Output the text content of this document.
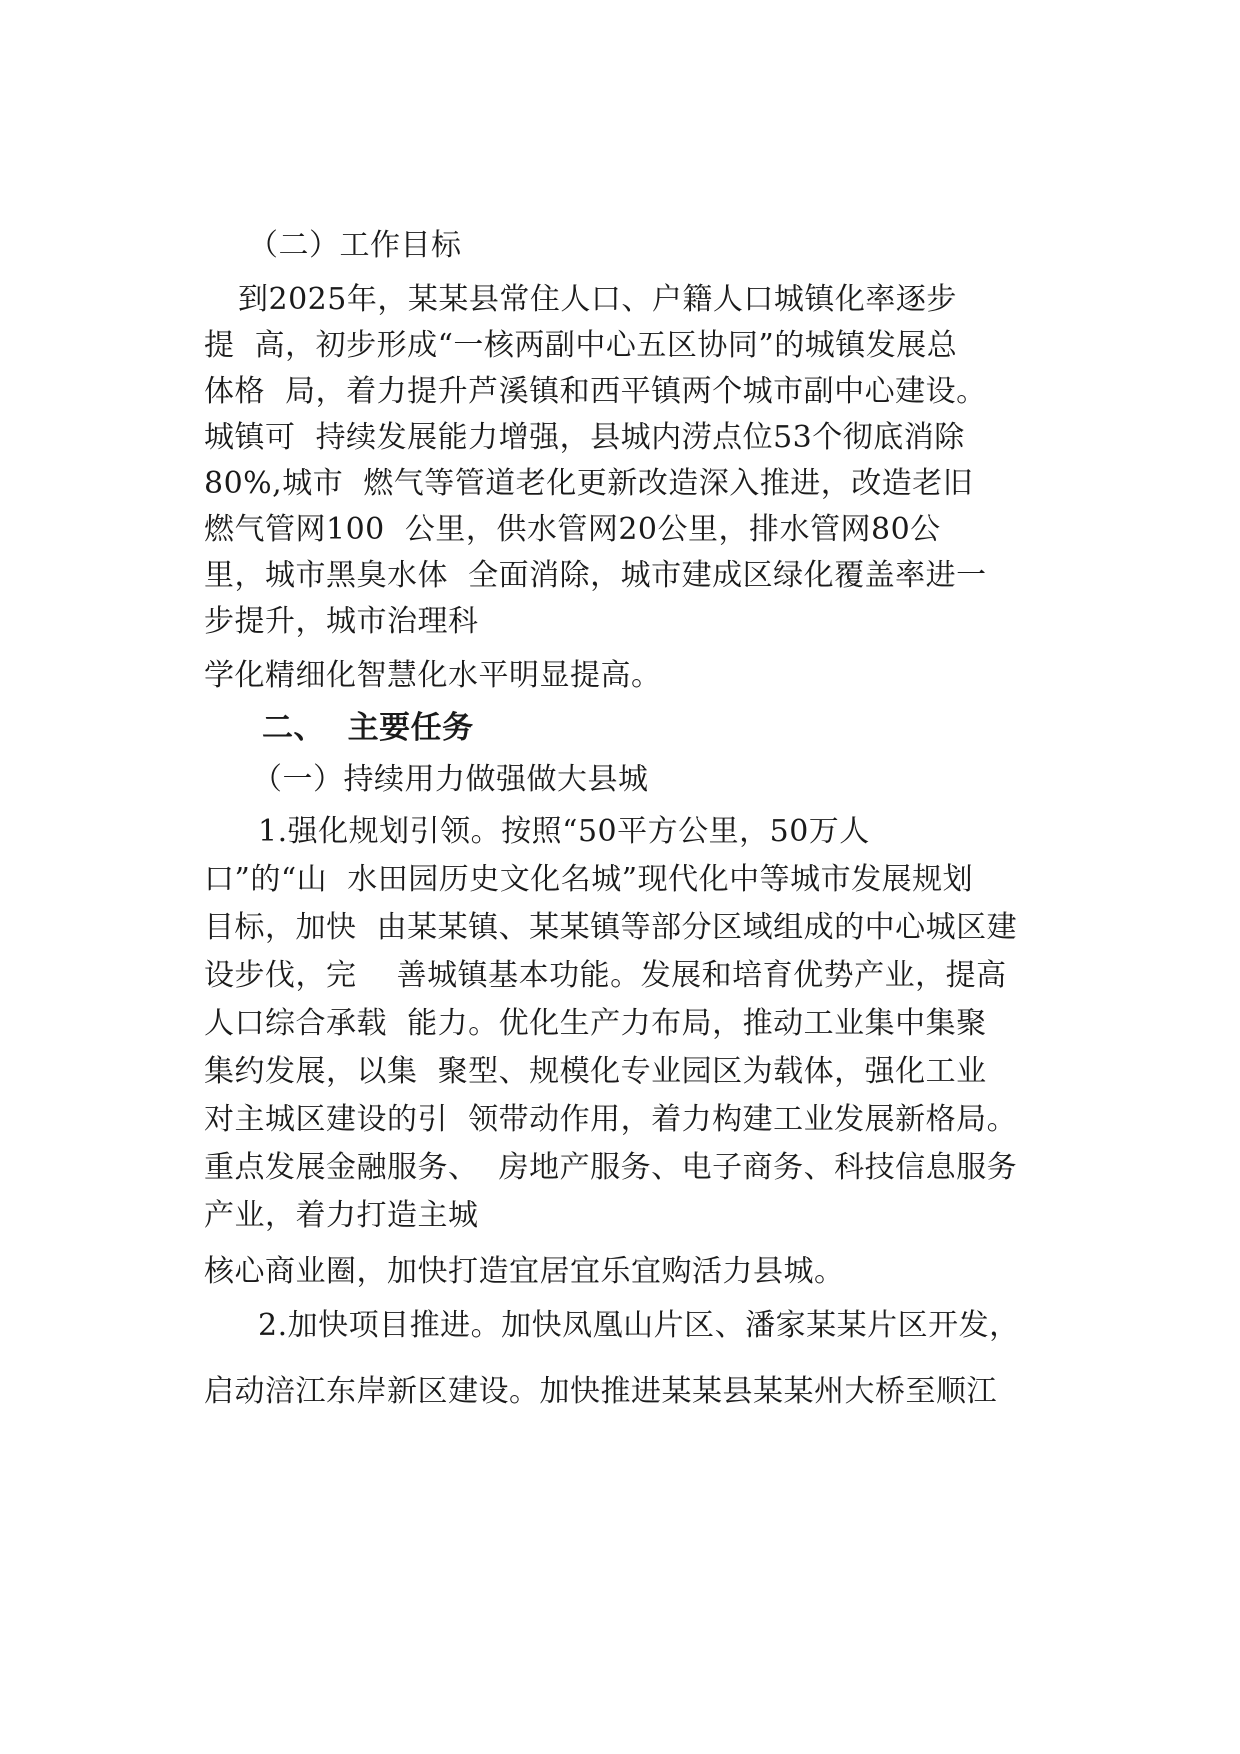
（二）工作目标
到2025年，某某县常住人口、户籍人口城镇化率逐步
提  高，初步形成“一核两副中心五区协同”的城镇发展总
体格  局，着力提升芦溪镇和西平镇两个城市副中心建设。
城镇可  持续发展能力增强，县城内涝点位53个彻底消除
80%,城市  燃气等管道老化更新改造深入推进，改造老旧
燃气管网100  公里，供水管网20公里，排水管网80公
里，城市黑臭水体  全面消除，城市建成区绿化覆盖率进一
步提升，城市治理科
学化精细化智慧化水平明显提高。
二、  主要任务
（一）持续用力做强做大县城
1.强化规划引领。按照“50平方公里，50万人
口”的“山  水田园历史文化名城”现代化中等城市发展规划
目标，加快  由某某镇、某某镇等部分区域组成的中心城区建
设步伐，完    善城镇基本功能。发展和培育优势产业，提高
人口综合承载  能力。优化生产力布局，推动工业集中集聚
集约发展，以集  聚型、规模化专业园区为载体，强化工业
对主城区建设的引  领带动作用，着力构建工业发展新格局。
重点发展金融服务、  房地产服务、电子商务、科技信息服务
产业，着力打造主城
核心商业圈，加快打造宜居宜乐宜购活力县城。
2.加快项目推进。加快凤凰山片区、潘家某某片区开发，
启动涪江东岸新区建设。加快推进某某县某某州大桥至顺江
